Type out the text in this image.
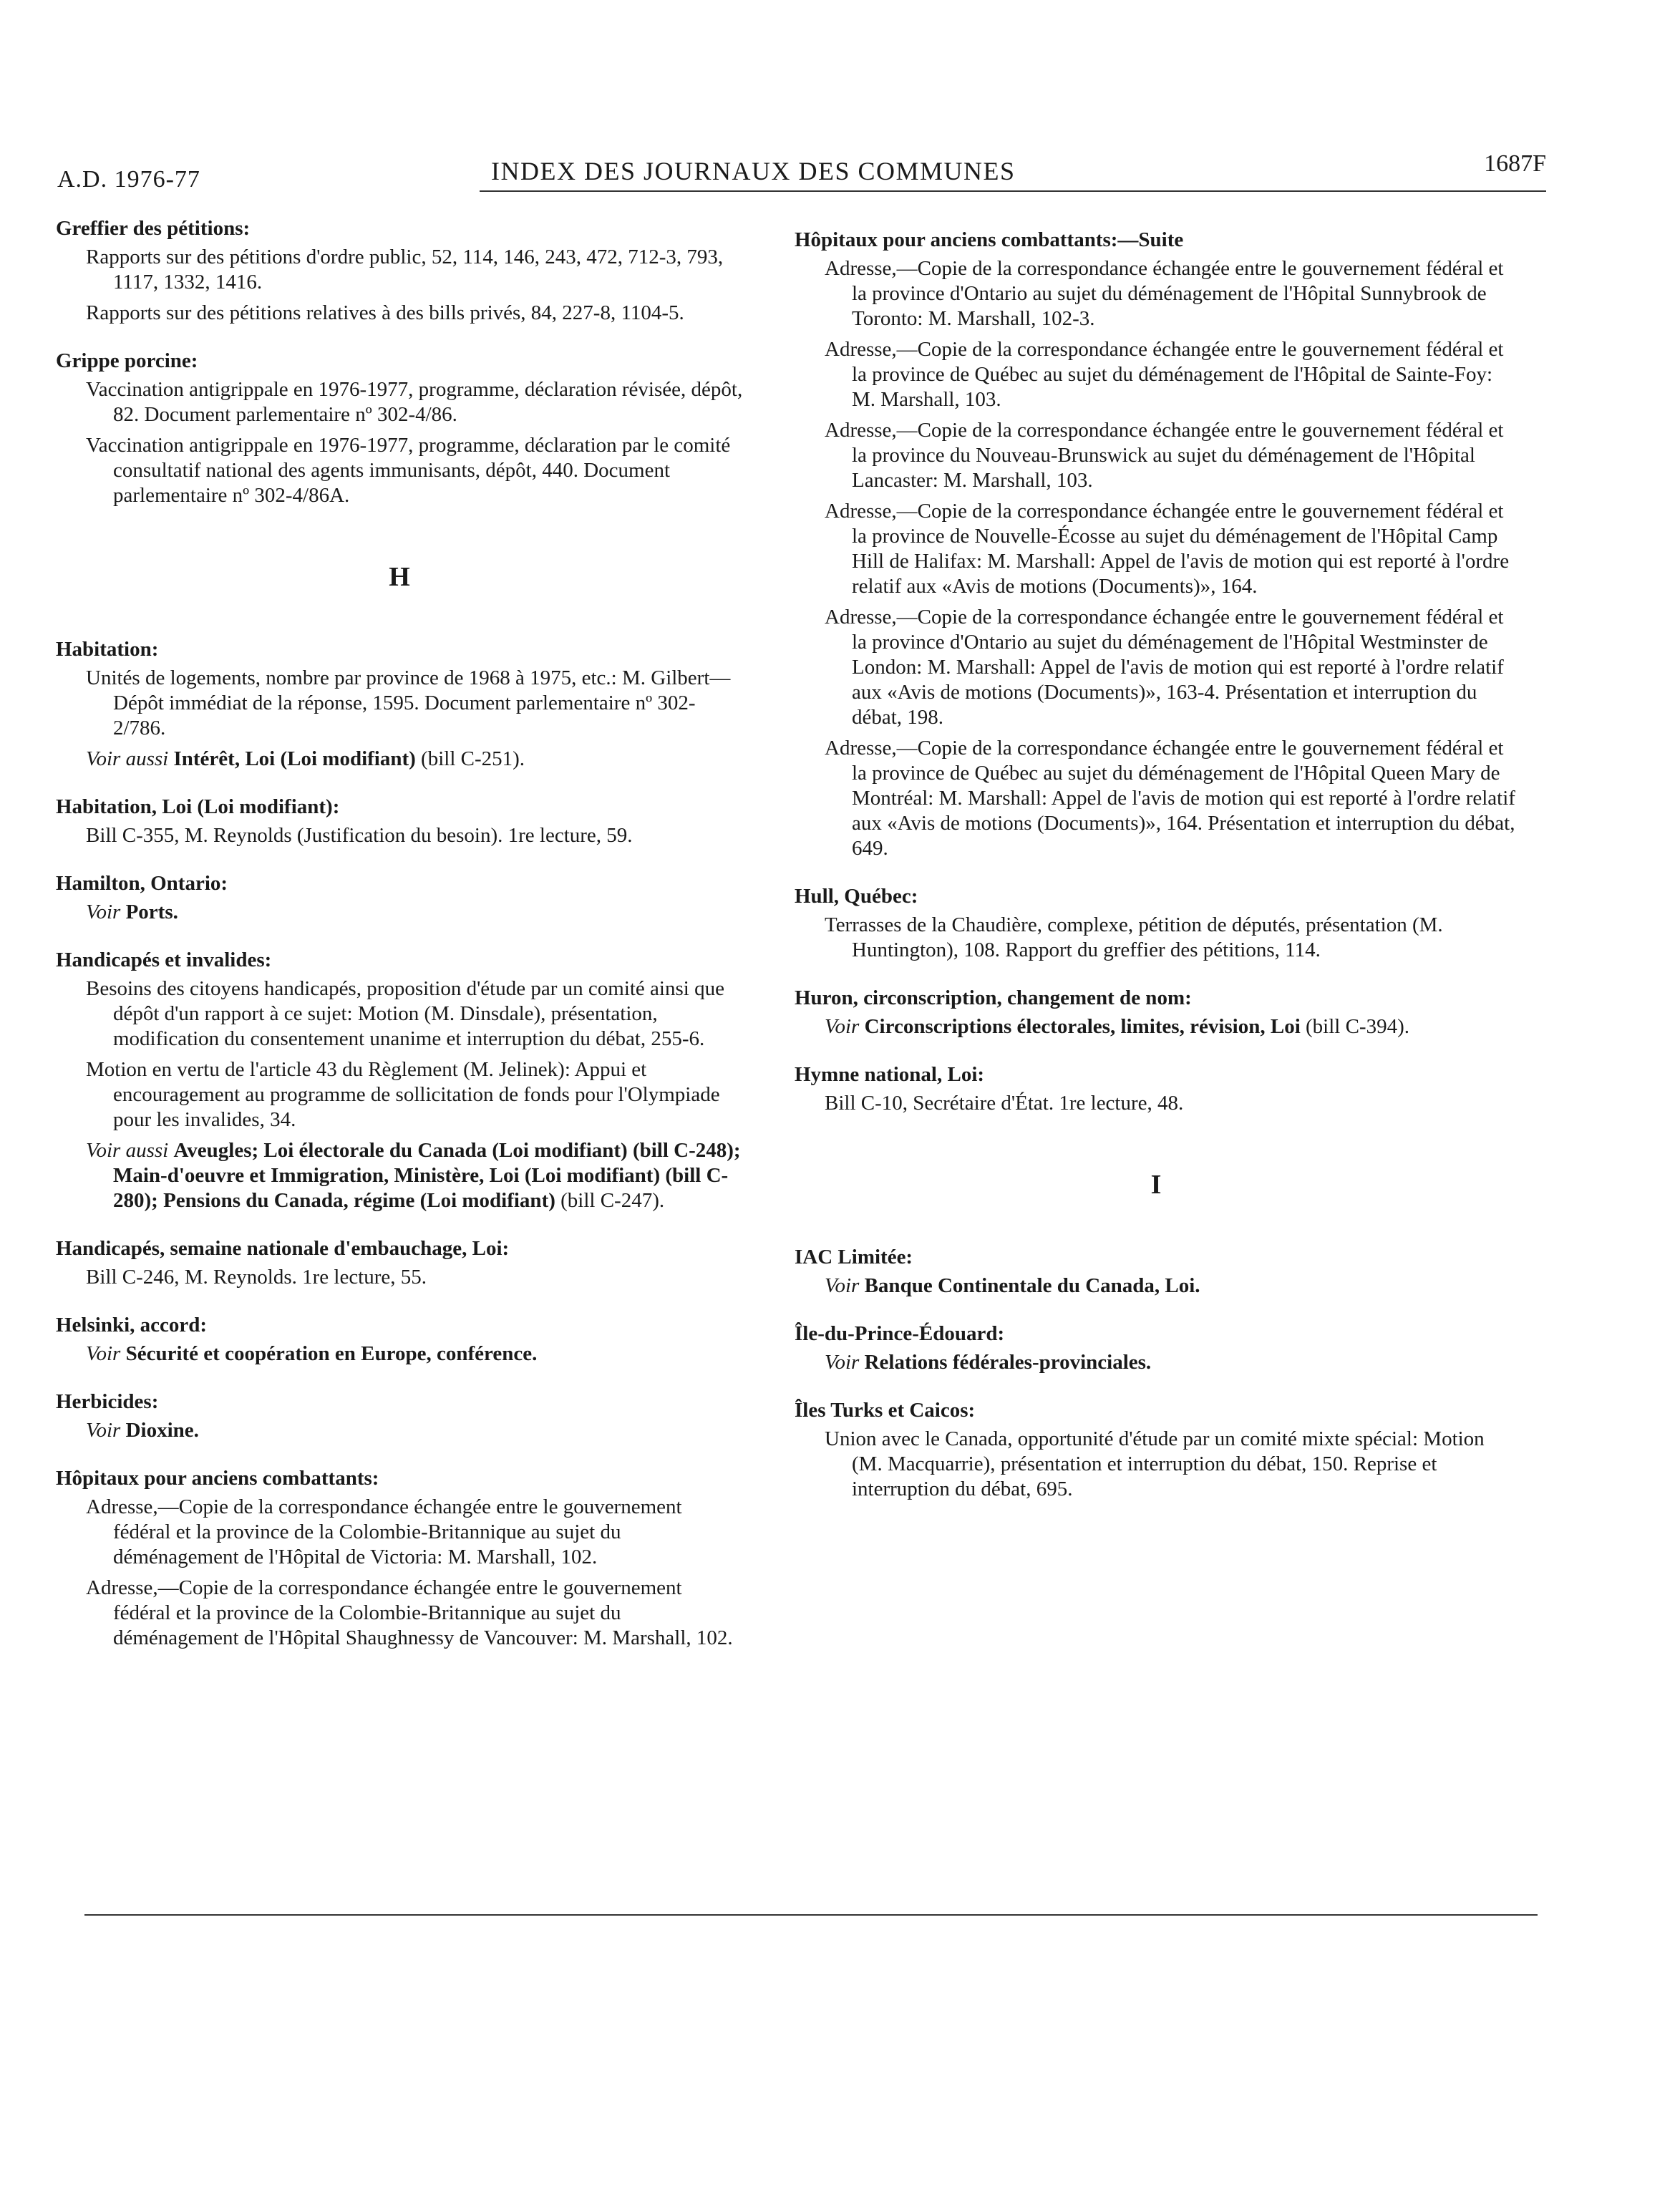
A.D. 1976-77	INDEX DES JOURNAUX DES COMMUNES	1687F
Greffier des pétitions:
Rapports sur des pétitions d'ordre public, 52, 114, 146, 243, 472, 712-3, 793, 1117, 1332, 1416.
Rapports sur des pétitions relatives à des bills privés, 84, 227-8, 1104-5.
Grippe porcine:
Vaccination antigrippale en 1976-1977, programme, déclaration révisée, dépôt, 82. Document parlementaire nº 302-4/86.
Vaccination antigrippale en 1976-1977, programme, déclaration par le comité consultatif national des agents immunisants, dépôt, 440. Document parlementaire nº 302-4/86A.
H
Habitation:
Unités de logements, nombre par province de 1968 à 1975, etc.: M. Gilbert—Dépôt immédiat de la réponse, 1595. Document parlementaire nº 302-2/786.
Voir aussi Intérêt, Loi (Loi modifiant) (bill C-251).
Habitation, Loi (Loi modifiant):
Bill C-355, M. Reynolds (Justification du besoin). 1re lecture, 59.
Hamilton, Ontario:
Voir Ports.
Handicapés et invalides:
Besoins des citoyens handicapés, proposition d'étude par un comité ainsi que dépôt d'un rapport à ce sujet: Motion (M. Dinsdale), présentation, modification du consentement unanime et interruption du débat, 255-6.
Motion en vertu de l'article 43 du Règlement (M. Jelinek): Appui et encouragement au programme de sollicitation de fonds pour l'Olympiade pour les invalides, 34.
Voir aussi Aveugles; Loi électorale du Canada (Loi modifiant) (bill C-248); Main-d'oeuvre et Immigration, Ministère, Loi (Loi modifiant) (bill C-280); Pensions du Canada, régime (Loi modifiant) (bill C-247).
Handicapés, semaine nationale d'embauchage, Loi:
Bill C-246, M. Reynolds. 1re lecture, 55.
Helsinki, accord:
Voir Sécurité et coopération en Europe, conférence.
Herbicides:
Voir Dioxine.
Hôpitaux pour anciens combattants:
Adresse,—Copie de la correspondance échangée entre le gouvernement fédéral et la province de la Colombie-Britannique au sujet du déménagement de l'Hôpital de Victoria: M. Marshall, 102.
Adresse,—Copie de la correspondance échangée entre le gouvernement fédéral et la province de la Colombie-Britannique au sujet du déménagement de l'Hôpital Shaughnessy de Vancouver: M. Marshall, 102.
Hôpitaux pour anciens combattants:—Suite
Adresse,—Copie de la correspondance échangée entre le gouvernement fédéral et la province d'Ontario au sujet du déménagement de l'Hôpital Sunnybrook de Toronto: M. Marshall, 102-3.
Adresse,—Copie de la correspondance échangée entre le gouvernement fédéral et la province de Québec au sujet du déménagement de l'Hôpital de Sainte-Foy: M. Marshall, 103.
Adresse,—Copie de la correspondance échangée entre le gouvernement fédéral et la province du Nouveau-Brunswick au sujet du déménagement de l'Hôpital Lancaster: M. Marshall, 103.
Adresse,—Copie de la correspondance échangée entre le gouvernement fédéral et la province de Nouvelle-Écosse au sujet du déménagement de l'Hôpital Camp Hill de Halifax: M. Marshall: Appel de l'avis de motion qui est reporté à l'ordre relatif aux «Avis de motions (Documents)», 164.
Adresse,—Copie de la correspondance échangée entre le gouvernement fédéral et la province d'Ontario au sujet du déménagement de l'Hôpital Westminster de London: M. Marshall: Appel de l'avis de motion qui est reporté à l'ordre relatif aux «Avis de motions (Documents)», 163-4. Présentation et interruption du débat, 198.
Adresse,—Copie de la correspondance échangée entre le gouvernement fédéral et la province de Québec au sujet du déménagement de l'Hôpital Queen Mary de Montréal: M. Marshall: Appel de l'avis de motion qui est reporté à l'ordre relatif aux «Avis de motions (Documents)», 164. Présentation et interruption du débat, 649.
Hull, Québec:
Terrasses de la Chaudière, complexe, pétition de députés, présentation (M. Huntington), 108. Rapport du greffier des pétitions, 114.
Huron, circonscription, changement de nom:
Voir Circonscriptions électorales, limites, révision, Loi (bill C-394).
Hymne national, Loi:
Bill C-10, Secrétaire d'État. 1re lecture, 48.
I
IAC Limitée:
Voir Banque Continentale du Canada, Loi.
Île-du-Prince-Édouard:
Voir Relations fédérales-provinciales.
Îles Turks et Caicos:
Union avec le Canada, opportunité d'étude par un comité mixte spécial: Motion (M. Macquarrie), présentation et interruption du débat, 150. Reprise et interruption du débat, 695.
